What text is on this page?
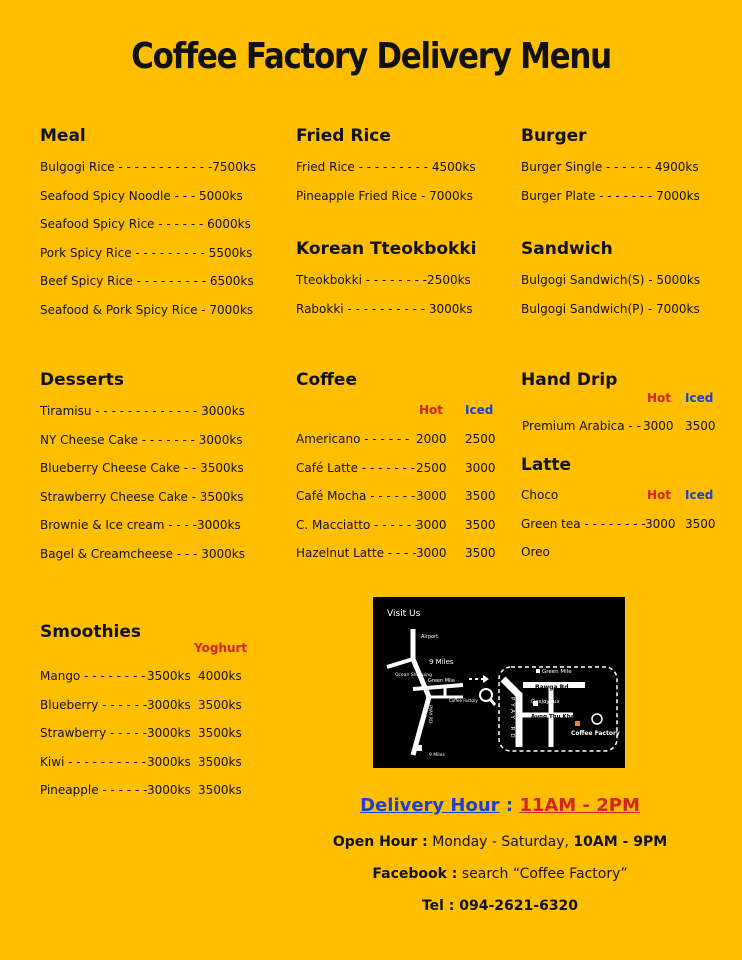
Coffee Factory Delivery Menu
Meal
Bulgogi Rice - - - - - - - - - - - -7500ks
Seafood Spicy Noodle - - - 5000ks
Seafood Spicy Rice - - - - - - 6000ks
Pork Spicy Rice - - - - - - - - - 5500ks
Beef Spicy Rice - - - - - - - - - 6500ks
Seafood & Pork Spicy Rice - 7000ks
Fried Rice
Fried Rice - - - - - - - - - 4500ks
Pineapple Fried Rice - 7000ks
Korean Tteokbokki
Tteokbokki - - - - - - - -2500ks
Rabokki - - - - - - - - - - 3000ks
Burger
Burger Single - - - - - - 4900ks
Burger Plate - - - - - - - 7000ks
Sandwich
Bulgogi Sandwich(S) - 5000ks
Bulgogi Sandwich(P) - 7000ks
Desserts
Tiramisu - - - - - - - - - - - - - 3000ks
NY Cheese Cake - - - - - - - 3000ks
Blueberry Cheese Cake - - 3500ks
Strawberry Cheese Cake - 3500ks
Brownie & Ice cream - - - -3000ks
Bagel & Creamcheese - - - 3000ks
Coffee
Hot Iced
Americano - - - - - - 2000 2500
Café Latte - - - - - - - 2500 3000
Café Mocha - - - - - - 3000 3500
C. Macciatto - - - - - -
3000 3500
Hazelnut Latte - - - - 3000 3500
Hand Drip
Hot Iced
Premium Arabica - - 3000 3500
Latte
Choco	Hot Iced
Green tea - - - - - - - - 3000 3500
Oreo
Smoothies
Yoghurt
Mango - - - - - - - - 3500ks 4000ks
Blueberry - - - - - - 3000ks 3500ks
Strawberry - - - - - 3000ks 3500ks
Kiwi - - - - - - - - - - 3000ks 3500ks
Pineapple - - - - - - 3000ks 3500ks
Visit Us
Airport
9 Miles
Ocean Shopping
Green Mile
Coffee Factory
PYAY RD
9 Miles
Green Mile
Bawga Rd
Desjoyaux
PYAY RD	Aung Thu Kha St
Coffee Factory
Delivery Hour : 11AM - 2PM
Open Hour : Monday - Saturday, 10AM - 9PM
Facebook : search “Coffee Factory”
Tel : 094-2621-6320
